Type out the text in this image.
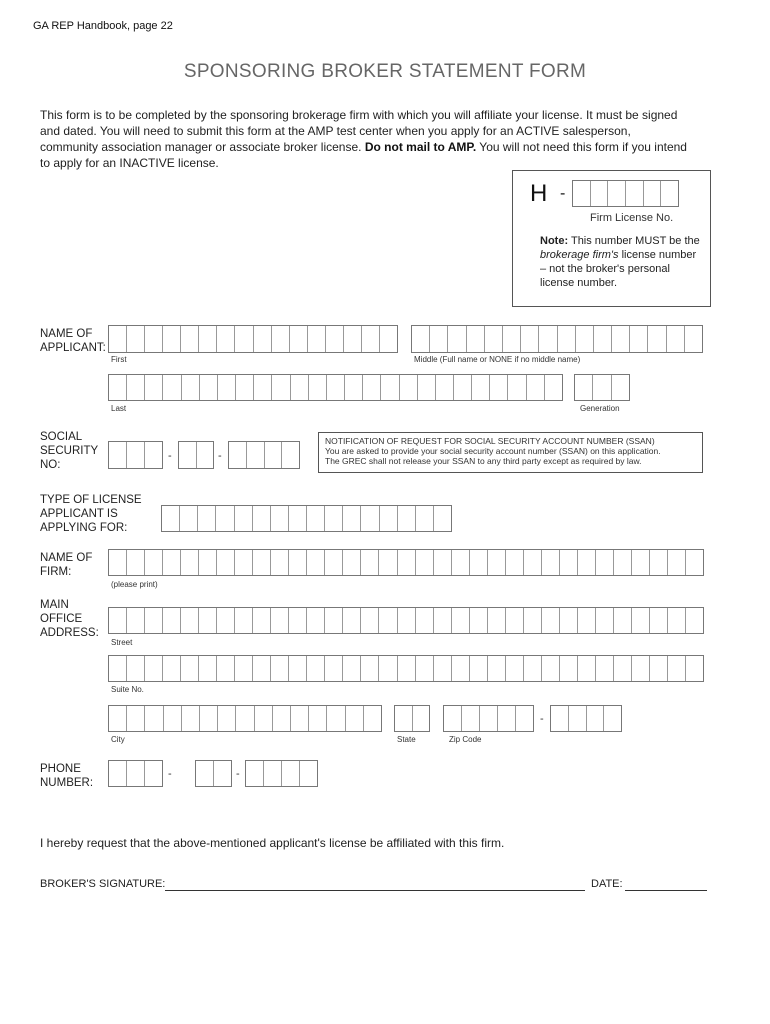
GA REP Handbook, page 22
SPONSORING BROKER STATEMENT FORM
This form is to be completed by the sponsoring brokerage firm with which you will affiliate your license. It must be signed and dated. You will need to submit this form at the AMP test center when you apply for an ACTIVE salesperson, community association manager or associate broker license. Do not mail to AMP. You will not need this form if you intend to apply for an INACTIVE license.
H -
Firm License No.
Note: This number MUST be the brokerage firm's license number – not the broker's personal license number.
NAME OF
APPLICANT:
First	Middle (Full name or NONE if no middle name)
Last	Generation
SOCIAL
SECURITY
NO:
-	-
NOTIFICATION OF REQUEST FOR SOCIAL SECURITY ACCOUNT NUMBER (SSAN)
You are asked to provide your social security account number (SSAN) on this application.
The GREC shall not release your SSAN to any third party except as required by law.
TYPE OF LICENSE
APPLICANT IS
APPLYING FOR:
NAME OF
FIRM:
(please print)
MAIN
OFFICE
ADDRESS:
Street
Suite No.
City	State	Zip Code
-
PHONE
NUMBER:
-	-
I hereby request that the above-mentioned applicant's license be affiliated with this firm.
BROKER'S SIGNATURE:	DATE:
